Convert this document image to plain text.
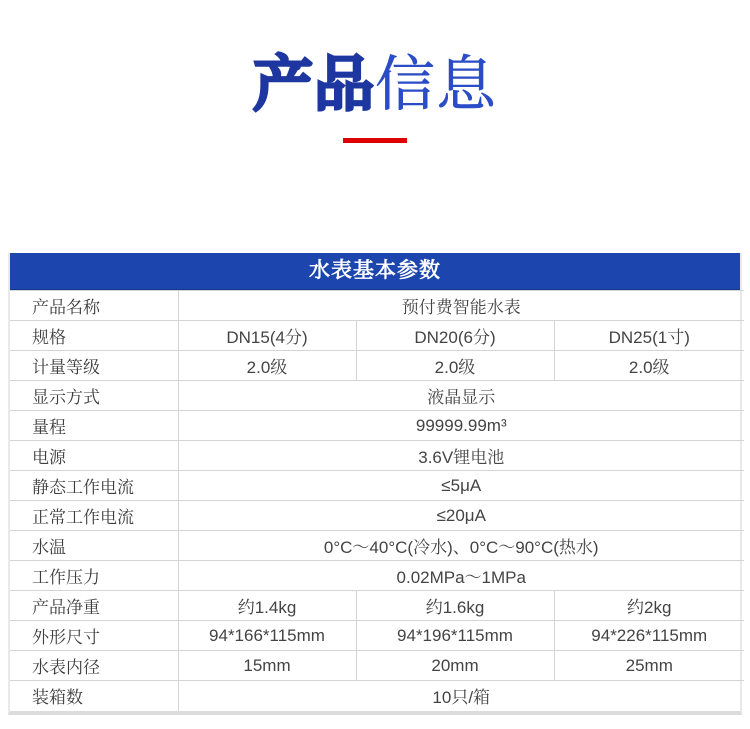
产品信息
水表基本参数
产品名称	预付费智能水表		
规格	DN15(4分)	DN20(6分)	DN25(1寸)
计量等级	2.0级	2.0级	2.0级
显示方式	液晶显示		
量程	99999.99m³		
电源	3.6V锂电池		
静态工作电流	≤5μA		
正常工作电流	≤20μA		
水温	0°C～40°C(冷水)、0°C～90°C(热水)		
工作压力	0.02MPa～1MPa		
产品净重	约1.4kg	约1.6kg	约2kg
外形尺寸	94*166*115mm	94*196*115mm	94*226*115mm
水表内径	15mm	20mm	25mm
装箱数	10只/箱		
